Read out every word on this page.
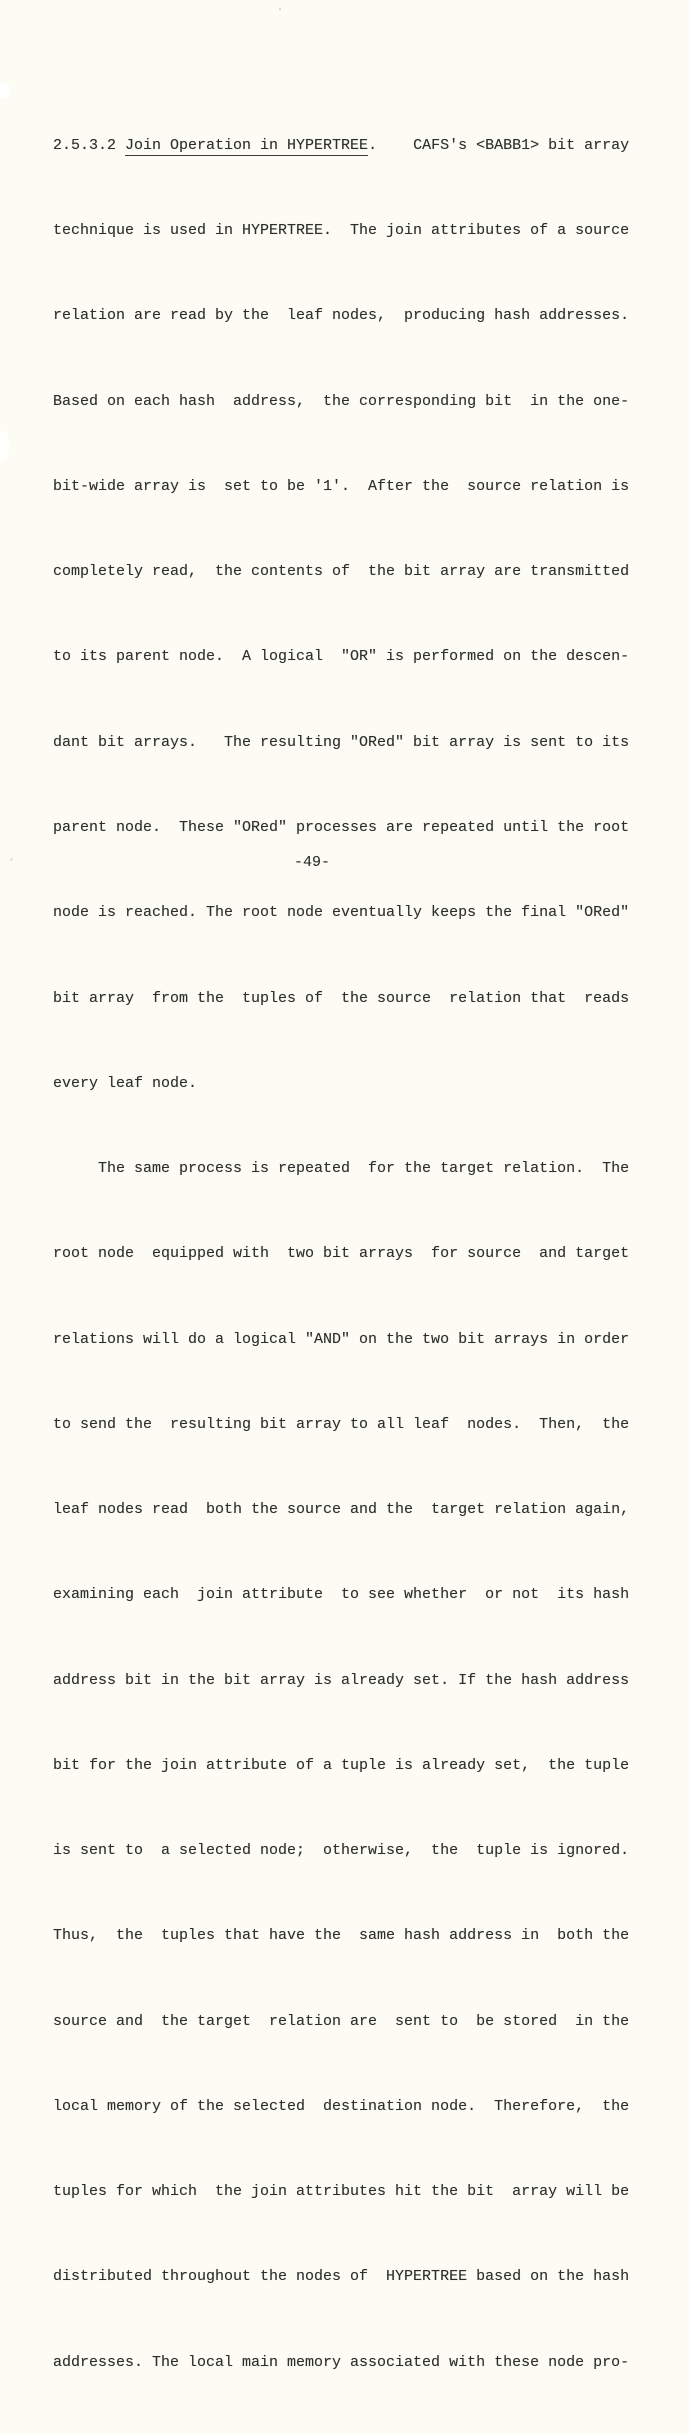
2.5.3.2 Join Operation in HYPERTREE.    CAFS's <BABB1> bit array

technique is used in HYPERTREE.  The join attributes of a source

relation are read by the  leaf nodes,  producing hash addresses.

Based on each hash  address,  the corresponding bit  in the one-

bit-wide array is  set to be '1'.  After the  source relation is

completely read,  the contents of  the bit array are transmitted

to its parent node.  A logical  "OR" is performed on the descen-

dant bit arrays.   The resulting "ORed" bit array is sent to its

parent node.  These "ORed" processes are repeated until the root

node is reached. The root node eventually keeps the final "ORed"

bit array  from the  tuples of  the source  relation that  reads

every leaf node.

The same process is repeated  for the target relation.  The

root node  equipped with  two bit arrays  for source  and target

relations will do a logical "AND" on the two bit arrays in order

to send the  resulting bit array to all leaf  nodes.  Then,  the

leaf nodes read  both the source and the  target relation again,

examining each  join attribute  to see whether  or not  its hash

address bit in the bit array is already set. If the hash address

bit for the join attribute of a tuple is already set,  the tuple

is sent to  a selected node;  otherwise,  the  tuple is ignored.

Thus,  the  tuples that have the  same hash address in  both the

source and  the target  relation are  sent to  be stored  in the

local memory of the selected  destination node.  Therefore,  the

tuples for which  the join attributes hit the bit  array will be

distributed throughout the nodes of  HYPERTREE based on the hash

addresses. The local main memory associated with these node pro-

-49-
